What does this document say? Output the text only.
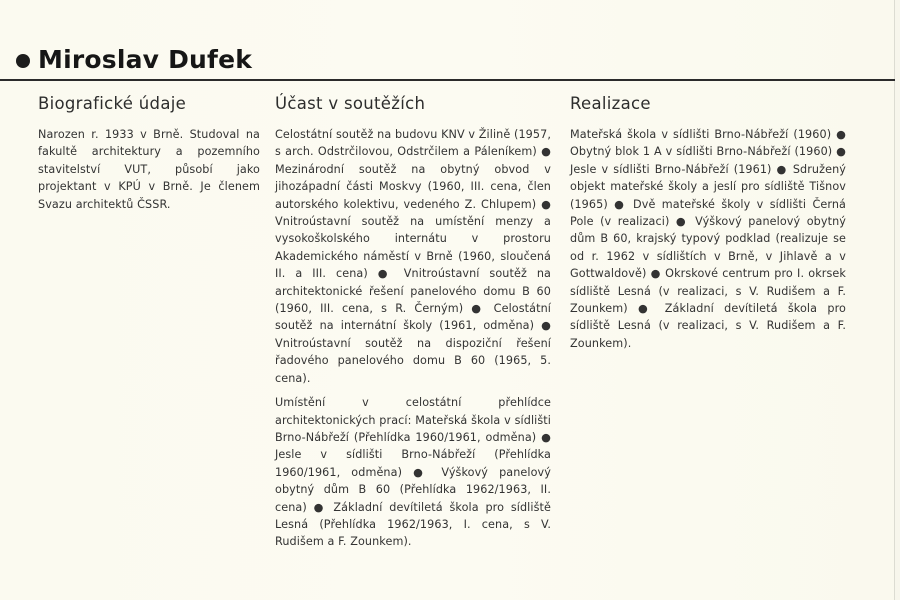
Miroslav Dufek
Biografické údaje

Narozen r. 1933 v Brně. Studoval na fakultě architektury a pozemního stavitelství VUT, působí jako projektant v KPÚ v Brně. Je členem Svazu architektů ČSSR.

Účast v soutěžích

Celostátní soutěž na budovu KNV v Žilině (1957, s arch. Odstrčilovou, Odstrčilem a Páleníkem) ● Mezinárodní soutěž na obytný obvod v jihozápadní části Moskvy (1960, III. cena, člen autorského kolektivu, vedeného Z. Chlupem) ● Vnitroústavní soutěž na umístění menzy a vysokoškolského internátu v prostoru Akademického náměstí v Brně (1960, sloučená II. a III. cena) ● Vnitroústavní soutěž na architektonické řešení panelového domu B 60 (1960, III. cena, s R. Černým) ● Celostátní soutěž na internátní školy (1961, odměna) ● Vnitroústavní soutěž na dispoziční řešení řadového panelového domu B 60 (1965, 5. cena).

Umístění v celostátní přehlídce architektonických prací: Mateřská škola v sídlišti Brno-Nábřeží (Přehlídka 1960/1961, odměna) ● Jesle v sídlišti Brno-Nábřeží (Přehlídka 1960/1961, odměna) ● Výškový panelový obytný dům B 60 (Přehlídka 1962/1963, II. cena) ● Základní devítiletá škola pro sídliště Lesná (Přehlídka 1962/1963, I. cena, s V. Rudišem a F. Zounkem).

Realizace

Mateřská škola v sídlišti Brno-Nábřeží (1960) ● Obytný blok 1 A v sídlišti Brno-Nábřeží (1960) ● Jesle v sídlišti Brno-Nábřeží (1961) ● Sdružený objekt mateřské školy a jeslí pro sídliště Tišnov (1965) ● Dvě mateřské školy v sídlišti Černá Pole (v realizaci) ● Výškový panelový obytný dům B 60, krajský typový podklad (realizuje se od r. 1962 v sídlištích v Brně, v Jihlavě a v Gottwaldově) ● Okrskové centrum pro I. okrsek sídliště Lesná (v realizaci, s V. Rudišem a F. Zounkem) ● Základní devítiletá škola pro sídliště Lesná (v realizaci, s V. Rudišem a F. Zounkem).
